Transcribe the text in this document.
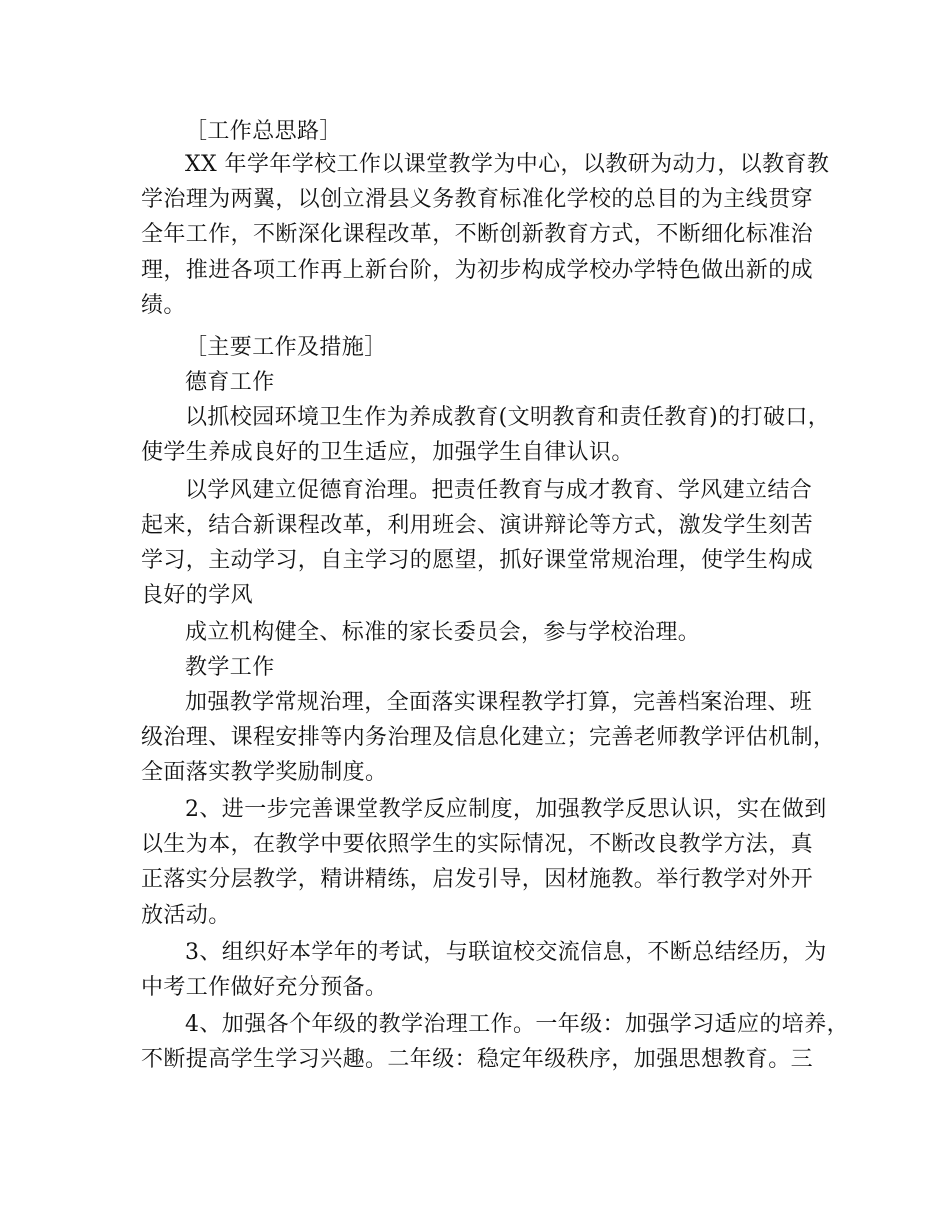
［工作总思路］
XX 年学年学校工作以课堂教学为中心，以教研为动力，以教育教
学治理为两翼，以创立滑县义务教育标准化学校的总目的为主线贯穿
全年工作，不断深化课程改革，不断创新教育方式，不断细化标准治
理，推进各项工作再上新台阶，为初步构成学校办学特色做出新的成
绩。
［主要工作及措施］
德育工作
以抓校园环境卫生作为养成教育(文明教育和责任教育)的打破口，
使学生养成良好的卫生适应，加强学生自律认识。
以学风建立促德育治理。把责任教育与成才教育、学风建立结合
起来，结合新课程改革，利用班会、演讲辩论等方式，激发学生刻苦
学习，主动学习，自主学习的愿望，抓好课堂常规治理，使学生构成
良好的学风
成立机构健全、标准的家长委员会，参与学校治理。
教学工作
加强教学常规治理，全面落实课程教学打算，完善档案治理、班
级治理、课程安排等内务治理及信息化建立；完善老师教学评估机制，
全面落实教学奖励制度。
2、进一步完善课堂教学反应制度，加强教学反思认识，实在做到
以生为本，在教学中要依照学生的实际情况，不断改良教学方法，真
正落实分层教学，精讲精练，启发引导，因材施教。举行教学对外开
放活动。
3、组织好本学年的考试，与联谊校交流信息，不断总结经历，为
中考工作做好充分预备。
4、加强各个年级的教学治理工作。一年级：加强学习适应的培养，
不断提高学生学习兴趣。二年级：稳定年级秩序，加强思想教育。三
